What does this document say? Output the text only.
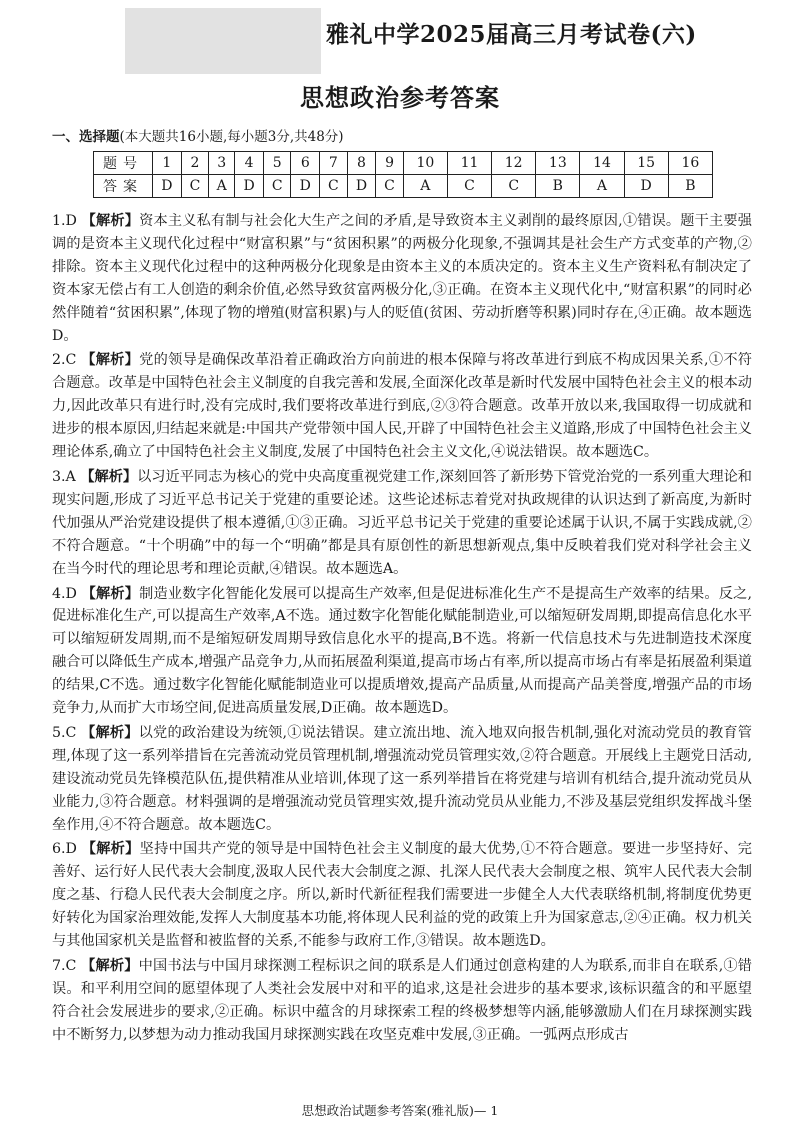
雅礼中学2025届高三月考试卷(六)
思想政治参考答案
一、选择题(本大题共16小题,每小题3分,共48分)
题号	1	2	3	4	5	6	7	8	9	10	11	12	13	14	15	16
答案	D	C	A	D	C	D	C	D	C	A	C	C	B	A	D	B

1.D 【解析】资本主义私有制与社会化大生产之间的矛盾,是导致资本主义剥削的最终原因,①错误。题干主要强调的是资本主义现代化过程中“财富积累”与“贫困积累”的两极分化现象,不强调其是社会生产方式变革的产物,②排除。资本主义现代化过程中的这种两极分化现象是由资本主义的本质决定的。资本主义生产资料私有制决定了资本家无偿占有工人创造的剩余价值,必然导致贫富两极分化,③正确。在资本主义现代化中,“财富积累”的同时必然伴随着“贫困积累”,体现了物的增殖(财富积累)与人的贬值(贫困、劳动折磨等积累)同时存在,④正确。故本题选D。

2.C 【解析】党的领导是确保改革沿着正确政治方向前进的根本保障与将改革进行到底不构成因果关系,①不符合题意。改革是中国特色社会主义制度的自我完善和发展,全面深化改革是新时代发展中国特色社会主义的根本动力,因此改革只有进行时,没有完成时,我们要将改革进行到底,②③符合题意。改革开放以来,我国取得一切成就和进步的根本原因,归结起来就是:中国共产党带领中国人民,开辟了中国特色社会主义道路,形成了中国特色社会主义理论体系,确立了中国特色社会主义制度,发展了中国特色社会主义文化,④说法错误。故本题选C。

3.A 【解析】以习近平同志为核心的党中央高度重视党建工作,深刻回答了新形势下管党治党的一系列重大理论和现实问题,形成了习近平总书记关于党建的重要论述。这些论述标志着党对执政规律的认识达到了新高度,为新时代加强从严治党建设提供了根本遵循,①③正确。习近平总书记关于党建的重要论述属于认识,不属于实践成就,②不符合题意。“十个明确”中的每一个“明确”都是具有原创性的新思想新观点,集中反映着我们党对科学社会主义在当今时代的理论思考和理论贡献,④错误。故本题选A。

4.D 【解析】制造业数字化智能化发展可以提高生产效率,但是促进标准化生产不是提高生产效率的结果。反之,促进标准化生产,可以提高生产效率,A不选。通过数字化智能化赋能制造业,可以缩短研发周期,即提高信息化水平可以缩短研发周期,而不是缩短研发周期导致信息化水平的提高,B不选。将新一代信息技术与先进制造技术深度融合可以降低生产成本,增强产品竞争力,从而拓展盈利渠道,提高市场占有率,所以提高市场占有率是拓展盈利渠道的结果,C不选。通过数字化智能化赋能制造业可以提质增效,提高产品质量,从而提高产品美誉度,增强产品的市场竞争力,从而扩大市场空间,促进高质量发展,D正确。故本题选D。

5.C 【解析】以党的政治建设为统领,①说法错误。建立流出地、流入地双向报告机制,强化对流动党员的教育管理,体现了这一系列举措旨在完善流动党员管理机制,增强流动党员管理实效,②符合题意。开展线上主题党日活动,建设流动党员先锋模范队伍,提供精准从业培训,体现了这一系列举措旨在将党建与培训有机结合,提升流动党员从业能力,③符合题意。材料强调的是增强流动党员管理实效,提升流动党员从业能力,不涉及基层党组织发挥战斗堡垒作用,④不符合题意。故本题选C。

6.D 【解析】坚持中国共产党的领导是中国特色社会主义制度的最大优势,①不符合题意。要进一步坚持好、完善好、运行好人民代表大会制度,汲取人民代表大会制度之源、扎深人民代表大会制度之根、筑牢人民代表大会制度之基、行稳人民代表大会制度之序。所以,新时代新征程我们需要进一步健全人大代表联络机制,将制度优势更好转化为国家治理效能,发挥人大制度基本功能,将体现人民利益的党的政策上升为国家意志,②④正确。权力机关与其他国家机关是监督和被监督的关系,不能参与政府工作,③错误。故本题选D。

7.C 【解析】中国书法与中国月球探测工程标识之间的联系是人们通过创意构建的人为联系,而非自在联系,①错误。和平利用空间的愿望体现了人类社会发展中对和平的追求,这是社会进步的基本要求,该标识蕴含的和平愿望符合社会发展进步的要求,②正确。标识中蕴含的月球探索工程的终极梦想等内涵,能够激励人们在月球探测实践中不断努力,以梦想为动力推动我国月球探测实践在攻坚克难中发展,③正确。一弧两点形成古

思想政治试题参考答案(雅礼版)— 1
